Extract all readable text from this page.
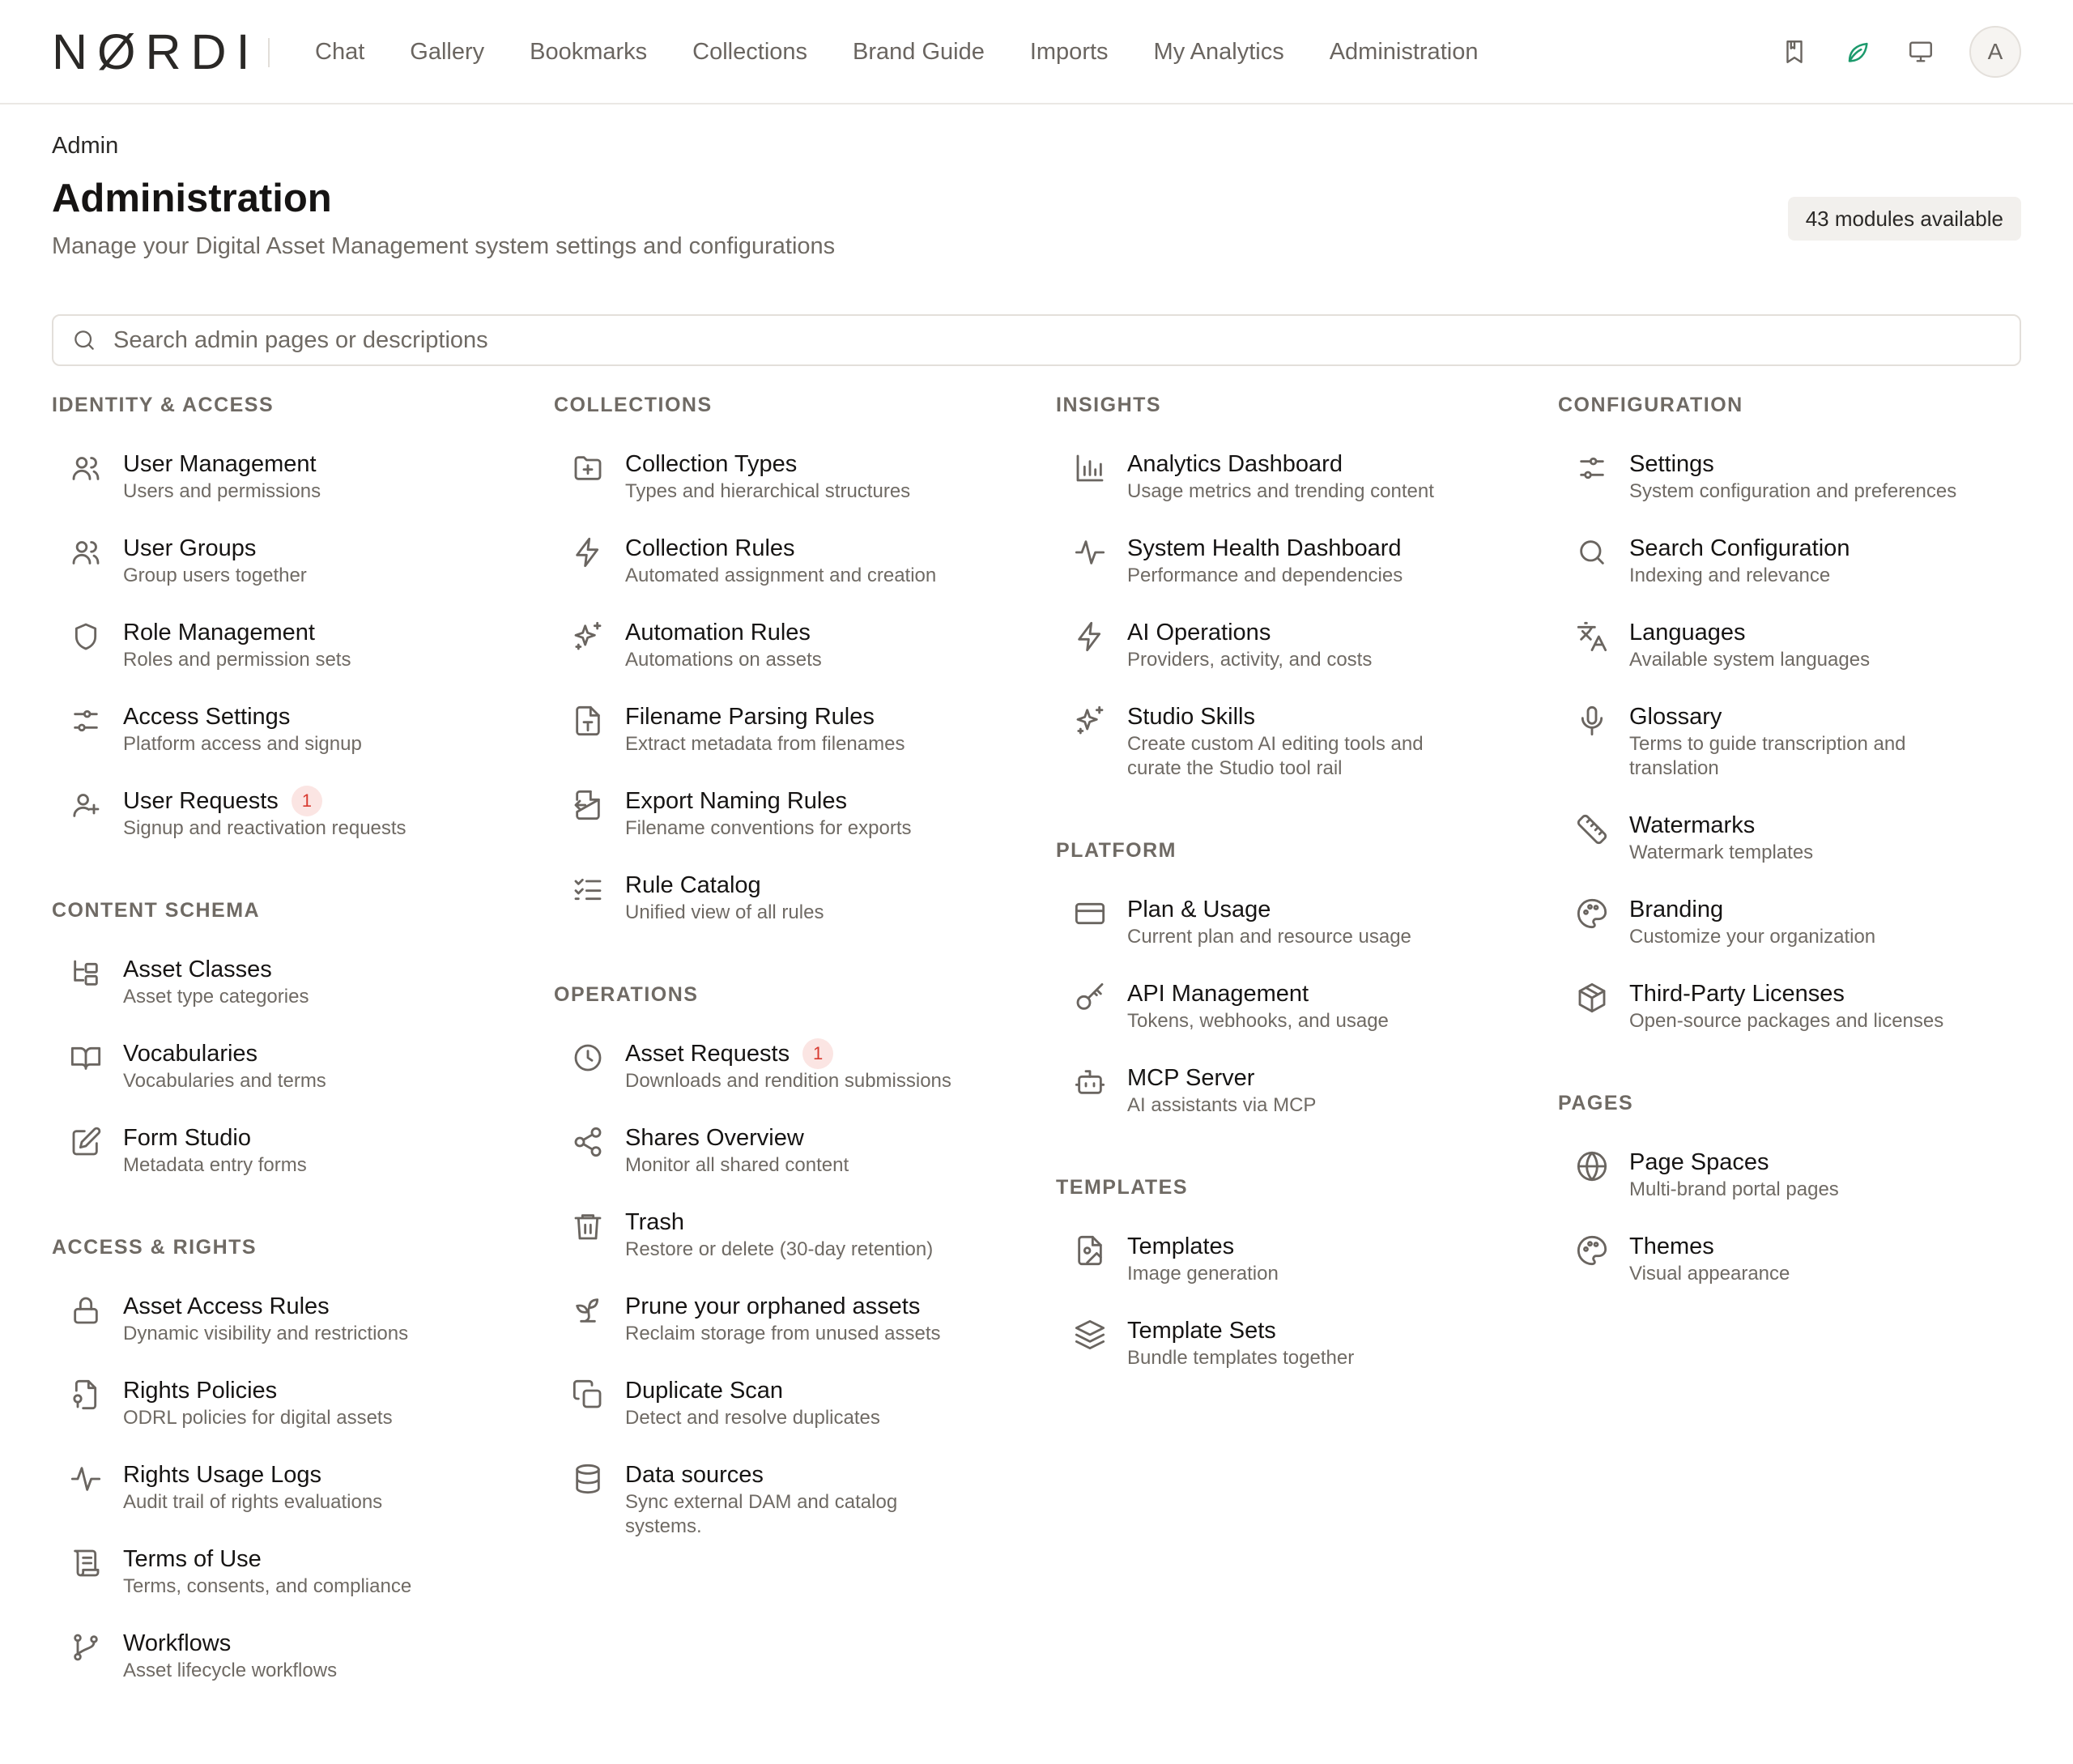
NØRDI Chat Gallery Bookmarks Collections Brand Guide Imports My Analytics Administration	A
Admin
Administration
Manage your Digital Asset Management system settings and configurations
43 modules available
Search admin pages or descriptions
IDENTITY & ACCESS
User Management
Users and permissions
User Groups
Group users together
Role Management
Roles and permission sets
Access Settings
Platform access and signup
User Requests	1
Signup and reactivation requests
CONTENT SCHEMA
Asset Classes
Asset type categories
Vocabularies
Vocabularies and terms
Form Studio
Metadata entry forms
ACCESS & RIGHTS
Asset Access Rules
Dynamic visibility and restrictions
Rights Policies
ODRL policies for digital assets
Rights Usage Logs
Audit trail of rights evaluations
Terms of Use
Terms, consents, and compliance
Workflows
Asset lifecycle workflows
COLLECTIONS
Collection Types
Types and hierarchical structures
Collection Rules
Automated assignment and creation
Automation Rules
Automations on assets
Filename Parsing Rules
Extract metadata from filenames
Export Naming Rules
Filename conventions for exports
Rule Catalog
Unified view of all rules
OPERATIONS
Asset Requests	1
Downloads and rendition submissions
Shares Overview
Monitor all shared content
Trash
Restore or delete (30-day retention)
Prune your orphaned assets
Reclaim storage from unused assets
Duplicate Scan
Detect and resolve duplicates
Data sources
Sync external DAM and catalog systems.
INSIGHTS
Analytics Dashboard
Usage metrics and trending content
System Health Dashboard
Performance and dependencies
AI Operations
Providers, activity, and costs
Studio Skills
Create custom AI editing tools and curate the Studio tool rail
PLATFORM
Plan & Usage
Current plan and resource usage
API Management
Tokens, webhooks, and usage
MCP Server
AI assistants via MCP
TEMPLATES
Templates
Image generation
Template Sets
Bundle templates together
CONFIGURATION
Settings
System configuration and preferences
Search Configuration
Indexing and relevance
Languages
Available system languages
Glossary
Terms to guide transcription and translation
Watermarks
Watermark templates
Branding
Customize your organization
Third-Party Licenses
Open-source packages and licenses
PAGES
Page Spaces
Multi-brand portal pages
Themes
Visual appearance
